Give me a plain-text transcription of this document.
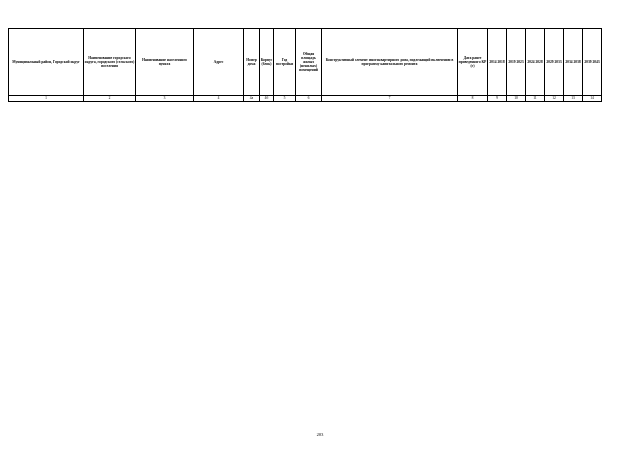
Муниципальный район, Городской округ	Наименование городского округа, городского (сельского) поселения	Наименование населенного пункта	Адрес	Номер дома	Корпус (блок)	Год постройки	Общая площадь жилых (нежилых) помещений	Конструктивный элемент многоквартирного дома, подлежащий включению в программу капитального ремонта	Дата ранее проведенного КР (г)	2014 2018	2019 2023	2024 2028	2029 2033	2034 2038	2039 2043
1	2	3	4	4а	4б	5	6	7	8	9	10	11	12	13	14
203
